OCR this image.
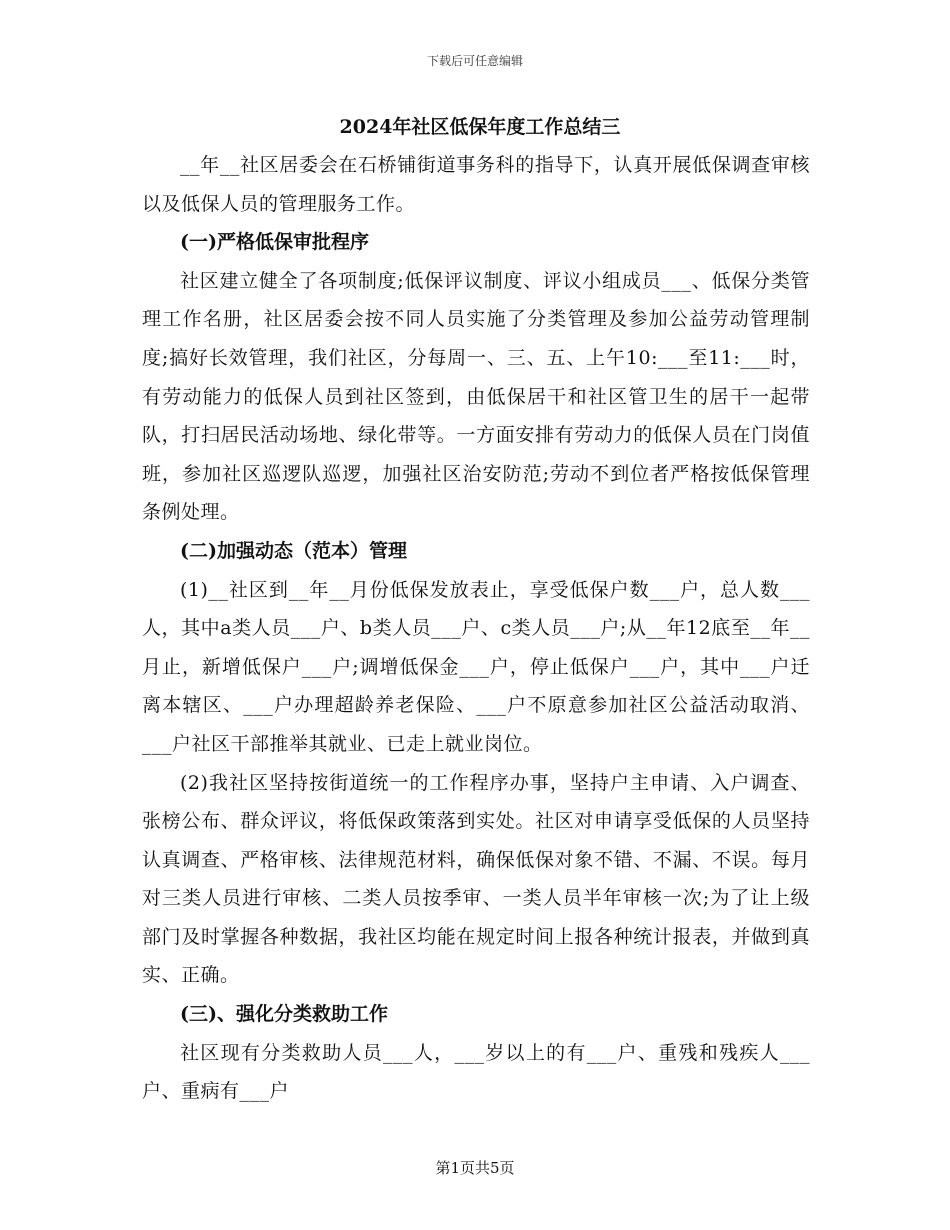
下载后可任意编辑
2024年社区低保年度工作总结三

__年__社区居委会在石桥铺街道事务科的指导下，认真开展低保调查审核以及低保人员的管理服务工作。

(一)严格低保审批程序

社区建立健全了各项制度;低保评议制度、评议小组成员___、低保分类管理工作名册，社区居委会按不同人员实施了分类管理及参加公益劳动管理制度;搞好长效管理，我们社区，分每周一、三、五、上午10:___至11:___时，有劳动能力的低保人员到社区签到，由低保居干和社区管卫生的居干一起带队，打扫居民活动场地、绿化带等。一方面安排有劳动力的低保人员在门岗值班，参加社区巡逻队巡逻，加强社区治安防范;劳动不到位者严格按低保管理条例处理。

(二)加强动态（范本）管理

(1)__社区到__年__月份低保发放表止，享受低保户数___户，总人数___人，其中a类人员___户、b类人员___户、c类人员___户;从__年12底至__年__月止，新增低保户___户;调增低保金___户，停止低保户___户，其中___户迁离本辖区、___户办理超龄养老保险、___户不原意参加社区公益活动取消、___户社区干部推举其就业、已走上就业岗位。

(2)我社区坚持按街道统一的工作程序办事，坚持户主申请、入户调查、张榜公布、群众评议，将低保政策落到实处。社区对申请享受低保的人员坚持认真调查、严格审核、法律规范材料，确保低保对象不错、不漏、不误。每月对三类人员进行审核、二类人员按季审、一类人员半年审核一次;为了让上级部门及时掌握各种数据，我社区均能在规定时间上报各种统计报表，并做到真实、正确。

(三)、强化分类救助工作

社区现有分类救助人员___人，___岁以上的有___户、重残和残疾人___户、重病有___户

第1页共5页
